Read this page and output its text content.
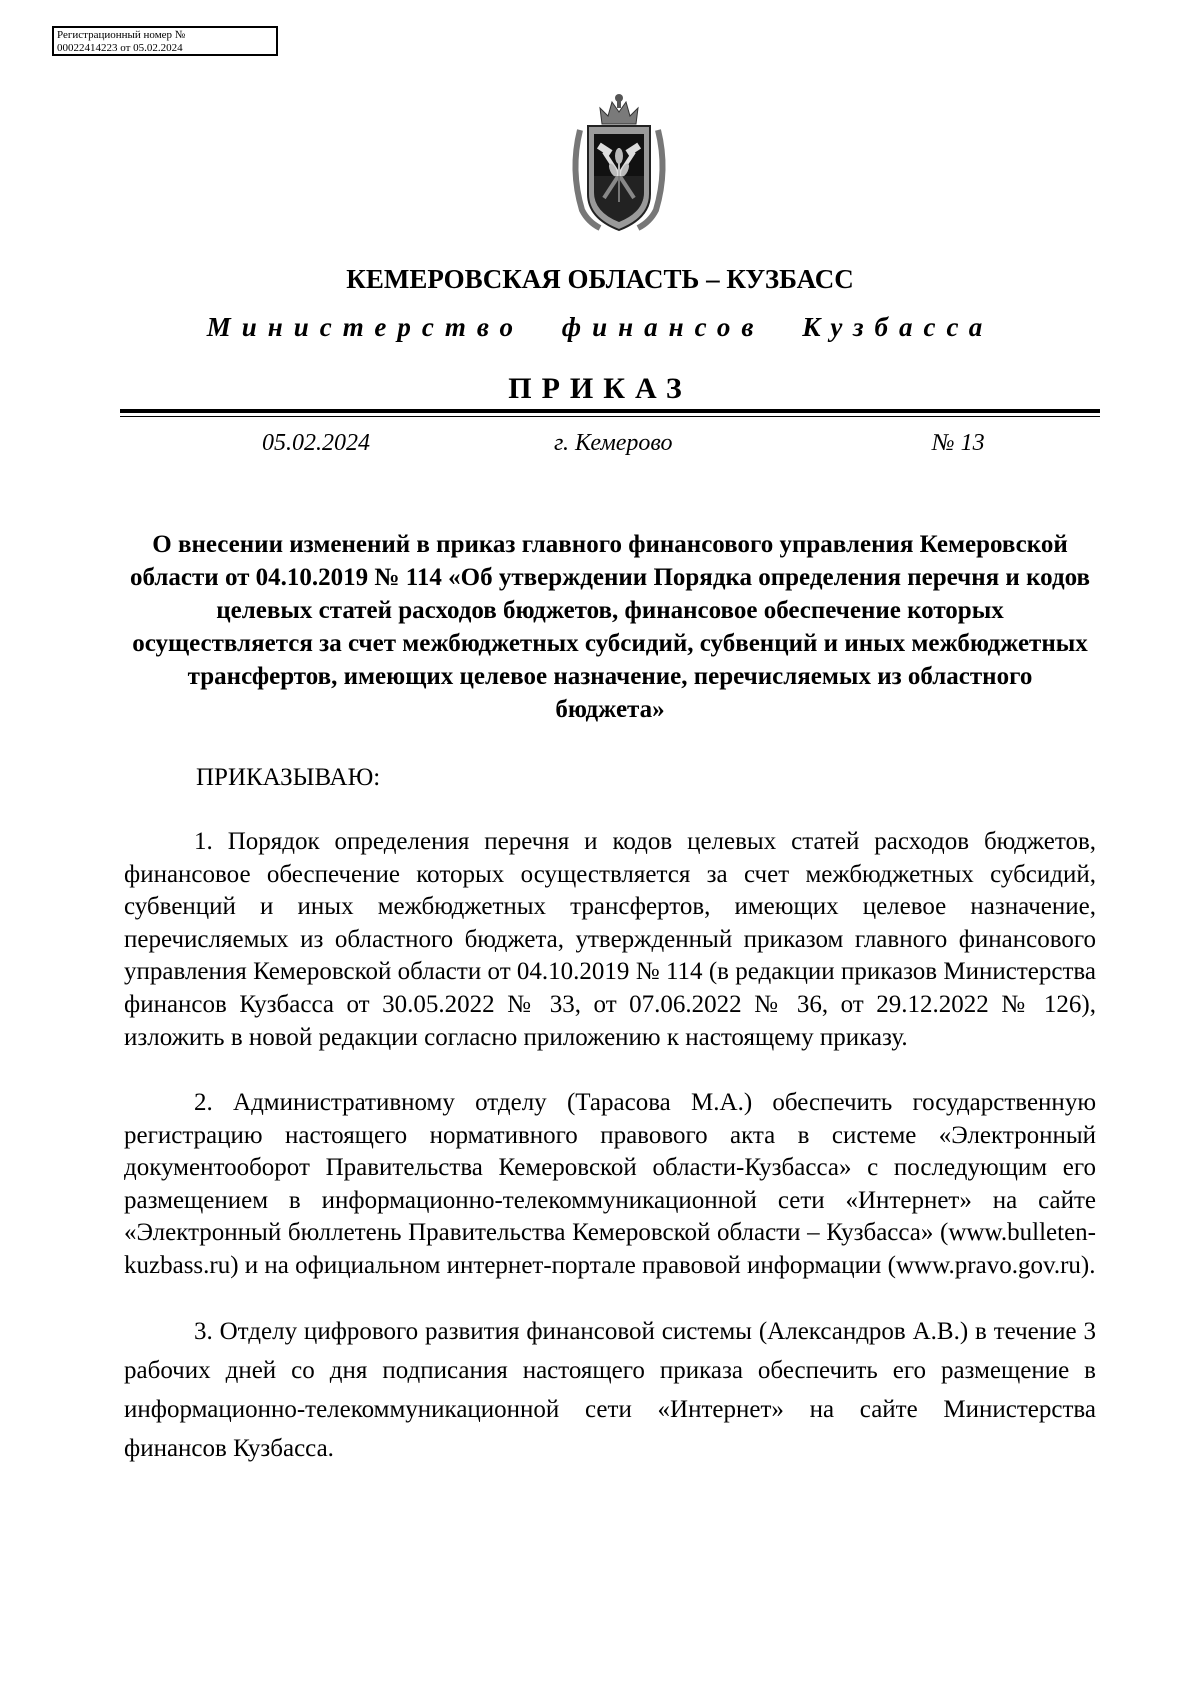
Регистрационный номер №
00022414223 от 05.02.2024
КЕМЕРОВСКАЯ ОБЛАСТЬ – КУЗБАСС
Министерство финансов Кузбасса
ПРИКАЗ
05.02.2024	г. Кемерово	№ 13
О внесении изменений в приказ главного финансового управления Кемеровской области от 04.10.2019 № 114 «Об утверждении Порядка определения перечня и кодов целевых статей расходов бюджетов, финансовое обеспечение которых осуществляется за счет межбюджетных субсидий, субвенций и иных межбюджетных трансфертов, имеющих целевое назначение, перечисляемых из областного бюджета»
ПРИКАЗЫВАЮ:

1. Порядок определения перечня и кодов целевых статей расходов бюджетов, финансовое обеспечение которых осуществляется за счет межбюджетных субсидий, субвенций и иных межбюджетных трансфертов, имеющих целевое назначение, перечисляемых из областного бюджета, утвержденный приказом главного финансового управления Кемеровской области от 04.10.2019 № 114 (в редакции приказов Министерства финансов Кузбасса от 30.05.2022 № 33, от 07.06.2022 № 36, от 29.12.2022 № 126), изложить в новой редакции согласно приложению к настоящему приказу.

2. Административному отделу (Тарасова М.А.) обеспечить государственную регистрацию настоящего нормативного правового акта в системе «Электронный документооборот Правительства Кемеровской области-Кузбасса» с последующим его размещением в информационно-телекоммуникационной сети «Интернет» на сайте «Электронный бюллетень Правительства Кемеровской области – Кузбасса» (www.bulleten-kuzbass.ru) и на официальном интернет-портале правовой информации (www.pravo.gov.ru).

3. Отделу цифрового развития финансовой системы (Александров А.В.) в течение 3 рабочих дней со дня подписания настоящего приказа обеспечить его размещение в информационно-телекоммуникационной сети «Интернет» на сайте Министерства финансов Кузбасса.
